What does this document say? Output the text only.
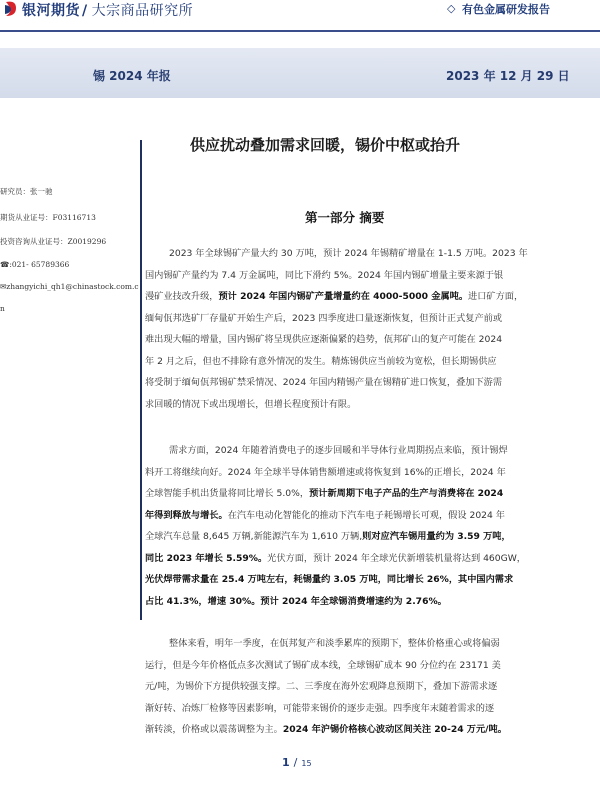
银河期货 / 大宗商品研究所	◇ 有色金属研发报告
锡 2024 年报	2023 年 12 月 29 日
供应扰动叠加需求回暖，锡价中枢或抬升
研究员：张一驰
期货从业证号：F03116713
投资咨询从业证号：Z0019296
☎:021- 65789366
✉zhangyichi_qh1@chinastock.com.c
n
第一部分 摘要
2023 年全球锡矿产量大约 30 万吨，预计 2024 年锡精矿增量在 1-1.5 万吨。2023 年
国内锡矿产量约为 7.4 万金属吨，同比下滑约 5%。2024 年国内锡矿增量主要来源于银
漫矿业技改升级，预计 2024 年国内锡矿产量增量约在 4000-5000 金属吨。进口矿方面，
缅甸佤邦选矿厂存量矿开始生产后，2023 四季度进口量逐渐恢复，但预计正式复产前或
难出现大幅的增量，国内锡矿将呈现供应逐渐偏紧的趋势，佤邦矿山的复产可能在 2024
年 2 月之后，但也不排除有意外情况的发生。精炼锡供应当前较为宽松，但长期锡供应
将受制于缅甸佤邦锡矿禁采情况、2024 年国内精锡产量在锡精矿进口恢复，叠加下游需
求回暖的情况下或出现增长，但增长程度预计有限。
需求方面，2024 年随着消费电子的逐步回暖和半导体行业周期拐点来临，预计锡焊
料开工将继续向好。2024 年全球半导体销售额增速或将恢复到 16%的正增长，2024 年
全球智能手机出货量将同比增长 5.0%，预计新周期下电子产品的生产与消费将在 2024
年得到释放与增长。在汽车电动化智能化的推动下汽车电子耗锡增长可观，假设 2024 年
全球汽车总量 8,645 万辆,新能源汽车为 1,610 万辆,则对应汽车锡用量约为 3.59 万吨，
同比 2023 年增长 5.59%。光伏方面，预计 2024 年全球光伏新增装机量将达到 460GW，
光伏焊带需求量在 25.4 万吨左右，耗锡量约 3.05 万吨，同比增长 26%，其中国内需求
占比 41.3%，增速 30%。预计 2024 年全球锡消费增速约为 2.76%。
整体来看，明年一季度，在佤邦复产和淡季累库的预期下，整体价格重心或将偏弱
运行，但是今年价格低点多次测试了锡矿成本线，全球锡矿成本 90 分位约在 23171 美
元/吨，为锡价下方提供较强支撑。二、三季度在海外宏观降息预期下，叠加下游需求逐
渐好转、冶炼厂检修等因素影响，可能带来锡价的逐步走强。四季度年末随着需求的逐
渐转淡，价格或以震荡调整为主。2024 年沪锡价格核心波动区间关注 20-24 万元/吨。
1 / 15
